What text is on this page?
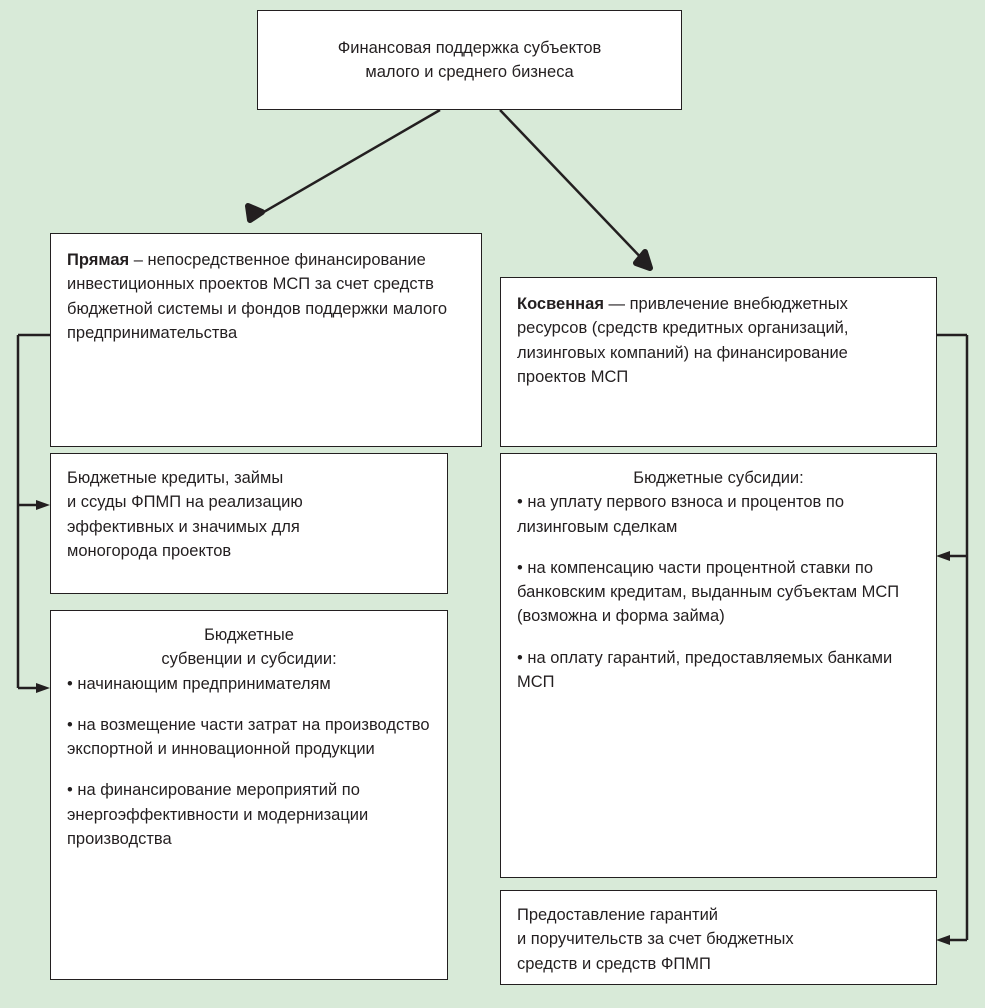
Финансовая поддержка субъектов

малого и среднего бизнеса

Прямая – непосредственное финансирование инвестиционных проектов МСП за счет средств бюджетной системы и фондов поддержки малого предпринимательства

Косвенная — привлечение внебюджетных ресурсов (средств кредитных организаций, лизинговых компаний) на финансирование проектов МСП

Бюджетные кредиты, займы

и ссуды ФПМП на реализацию

эффективных и значимых для

моногорода проектов

Бюджетные

субвенции и субсидии:

• начинающим предпринимателям

• на возмещение части затрат на производство экспортной и инновационной продукции

• на финансирование мероприятий по энергоэффективности и модернизации производства

Бюджетные субсидии:

• на уплату первого взноса и процентов по лизинговым сделкам

• на компенсацию части процентной ставки по банковским кредитам, выданным субъектам МСП (возможна и форма займа)

• на оплату гарантий, предоставляемых банками МСП

Предоставление гарантий

и поручительств за счет бюджетных

средств и средств ФПМП
